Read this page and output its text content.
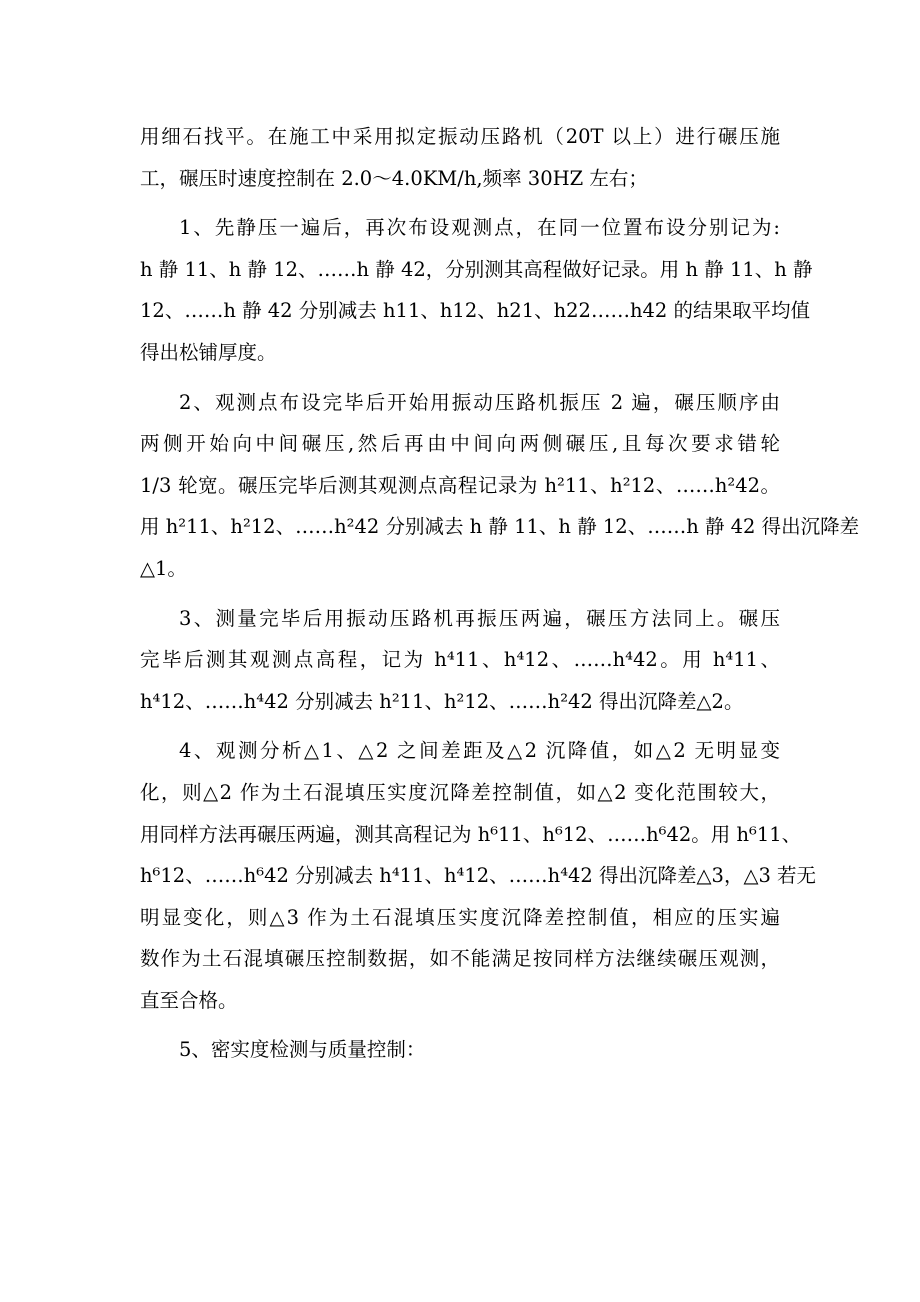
用细石找平。在施工中采用拟定振动压路机（20T 以上）进行碾压施
工，碾压时速度控制在 2.0～4.0KM/h,频率 30HZ 左右；
1、先静压一遍后，再次布设观测点，在同一位置布设分别记为:
h 静 11、h 静 12、……h 静 42，分别测其高程做好记录。用 h 静 11、h 静
12、……h 静 42 分别减去 h11、h12、h21、h22……h42 的结果取平均值
得出松铺厚度。
2、观测点布设完毕后开始用振动压路机振压 2 遍，碾压顺序由
两侧开始向中间碾压,然后再由中间向两侧碾压,且每次要求错轮
1/3 轮宽。碾压完毕后测其观测点高程记录为 h²11、h²12、……h²42。
用 h²11、h²12、……h²42 分别减去 h 静 11、h 静 12、……h 静 42 得出沉降差
△1。
3、测量完毕后用振动压路机再振压两遍，碾压方法同上。碾压
完毕后测其观测点高程，记为 h⁴11、h⁴12、……h⁴42。用 h⁴11、
h⁴12、……h⁴42 分别减去 h²11、h²12、……h²42 得出沉降差△2。
4、观测分析△1、△2 之间差距及△2 沉降值，如△2 无明显变
化，则△2 作为土石混填压实度沉降差控制值，如△2 变化范围较大，
用同样方法再碾压两遍，测其高程记为 h⁶11、h⁶12、……h⁶42。用 h⁶11、
h⁶12、……h⁶42 分别减去 h⁴11、h⁴12、……h⁴42 得出沉降差△3，△3 若无
明显变化，则△3 作为土石混填压实度沉降差控制值，相应的压实遍
数作为土石混填碾压控制数据，如不能满足按同样方法继续碾压观测，
直至合格。
5、密实度检测与质量控制：
